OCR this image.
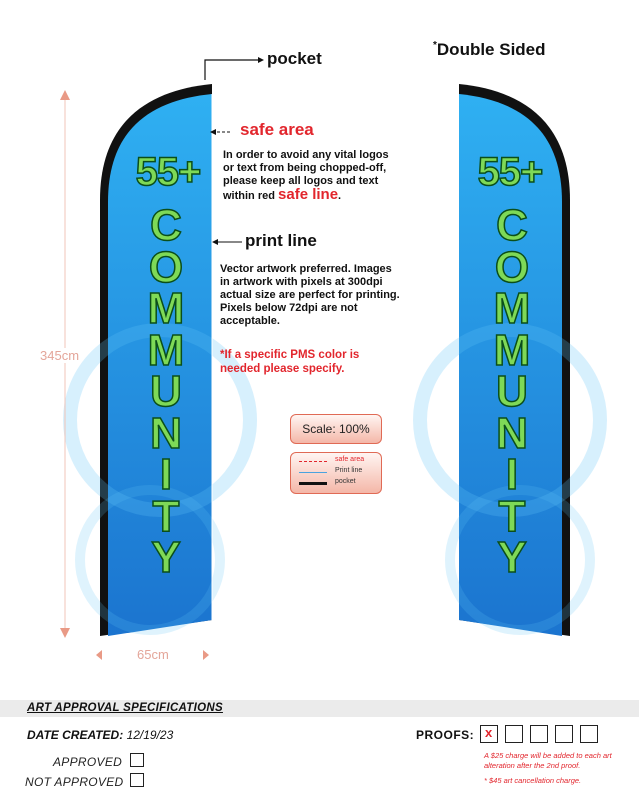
55+
C
O
M
M
U
N
I
T
Y
55+
C
O
M
M
U
N
I
T
Y
pocket
*Double Sided
safe area
In order to avoid any vital logos or text from being chopped-off, please keep all logos and text within red safe line.
print line
Vector artwork preferred. Images in artwork with pixels at 300dpi actual size are perfect for printing. Pixels below 72dpi are not acceptable.
*If a specific PMS color is needed please specify.
345cm
65cm
Scale: 100%
safe area
Print line
pocket
ART APPROVAL SPECIFICATIONS
DATE CREATED: 12/19/23
APPROVED
NOT APPROVED
PROOFS: x
A $25 charge will be added to each art alteration after the 2nd proof.
* $45 art cancellation charge.
